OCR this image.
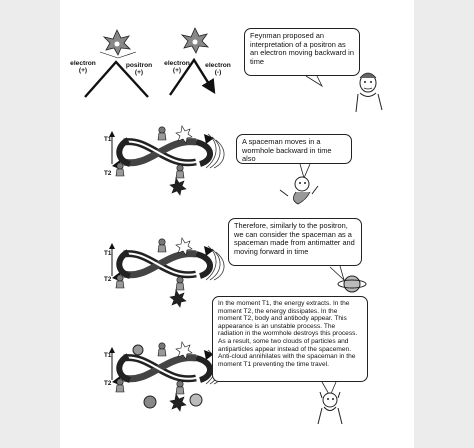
electron
(+)
positron
(+)
electron
(+)
electron
(-)
Feynman proposed an interpretation of a positron as an electron moving backward in time
A spaceman moves in a wormhole backward in time also
Therefore, similarly to the positron, we can consider the spaceman as a spaceman made from antimatter and moving forward in time
In the moment T1, the energy extracts. In the moment T2, the energy dissipates. In the moment T2, body and antibody appear. This appearance is an unstable process. The radiation in the wormhole destroys this process. As a result, some two clouds of particles and antiparticles appear instead of the spacemen. Anti-cloud annihilates with the spaceman in the moment T1 preventing the time travel.
T1
T2
T1
T2
T1
T2
